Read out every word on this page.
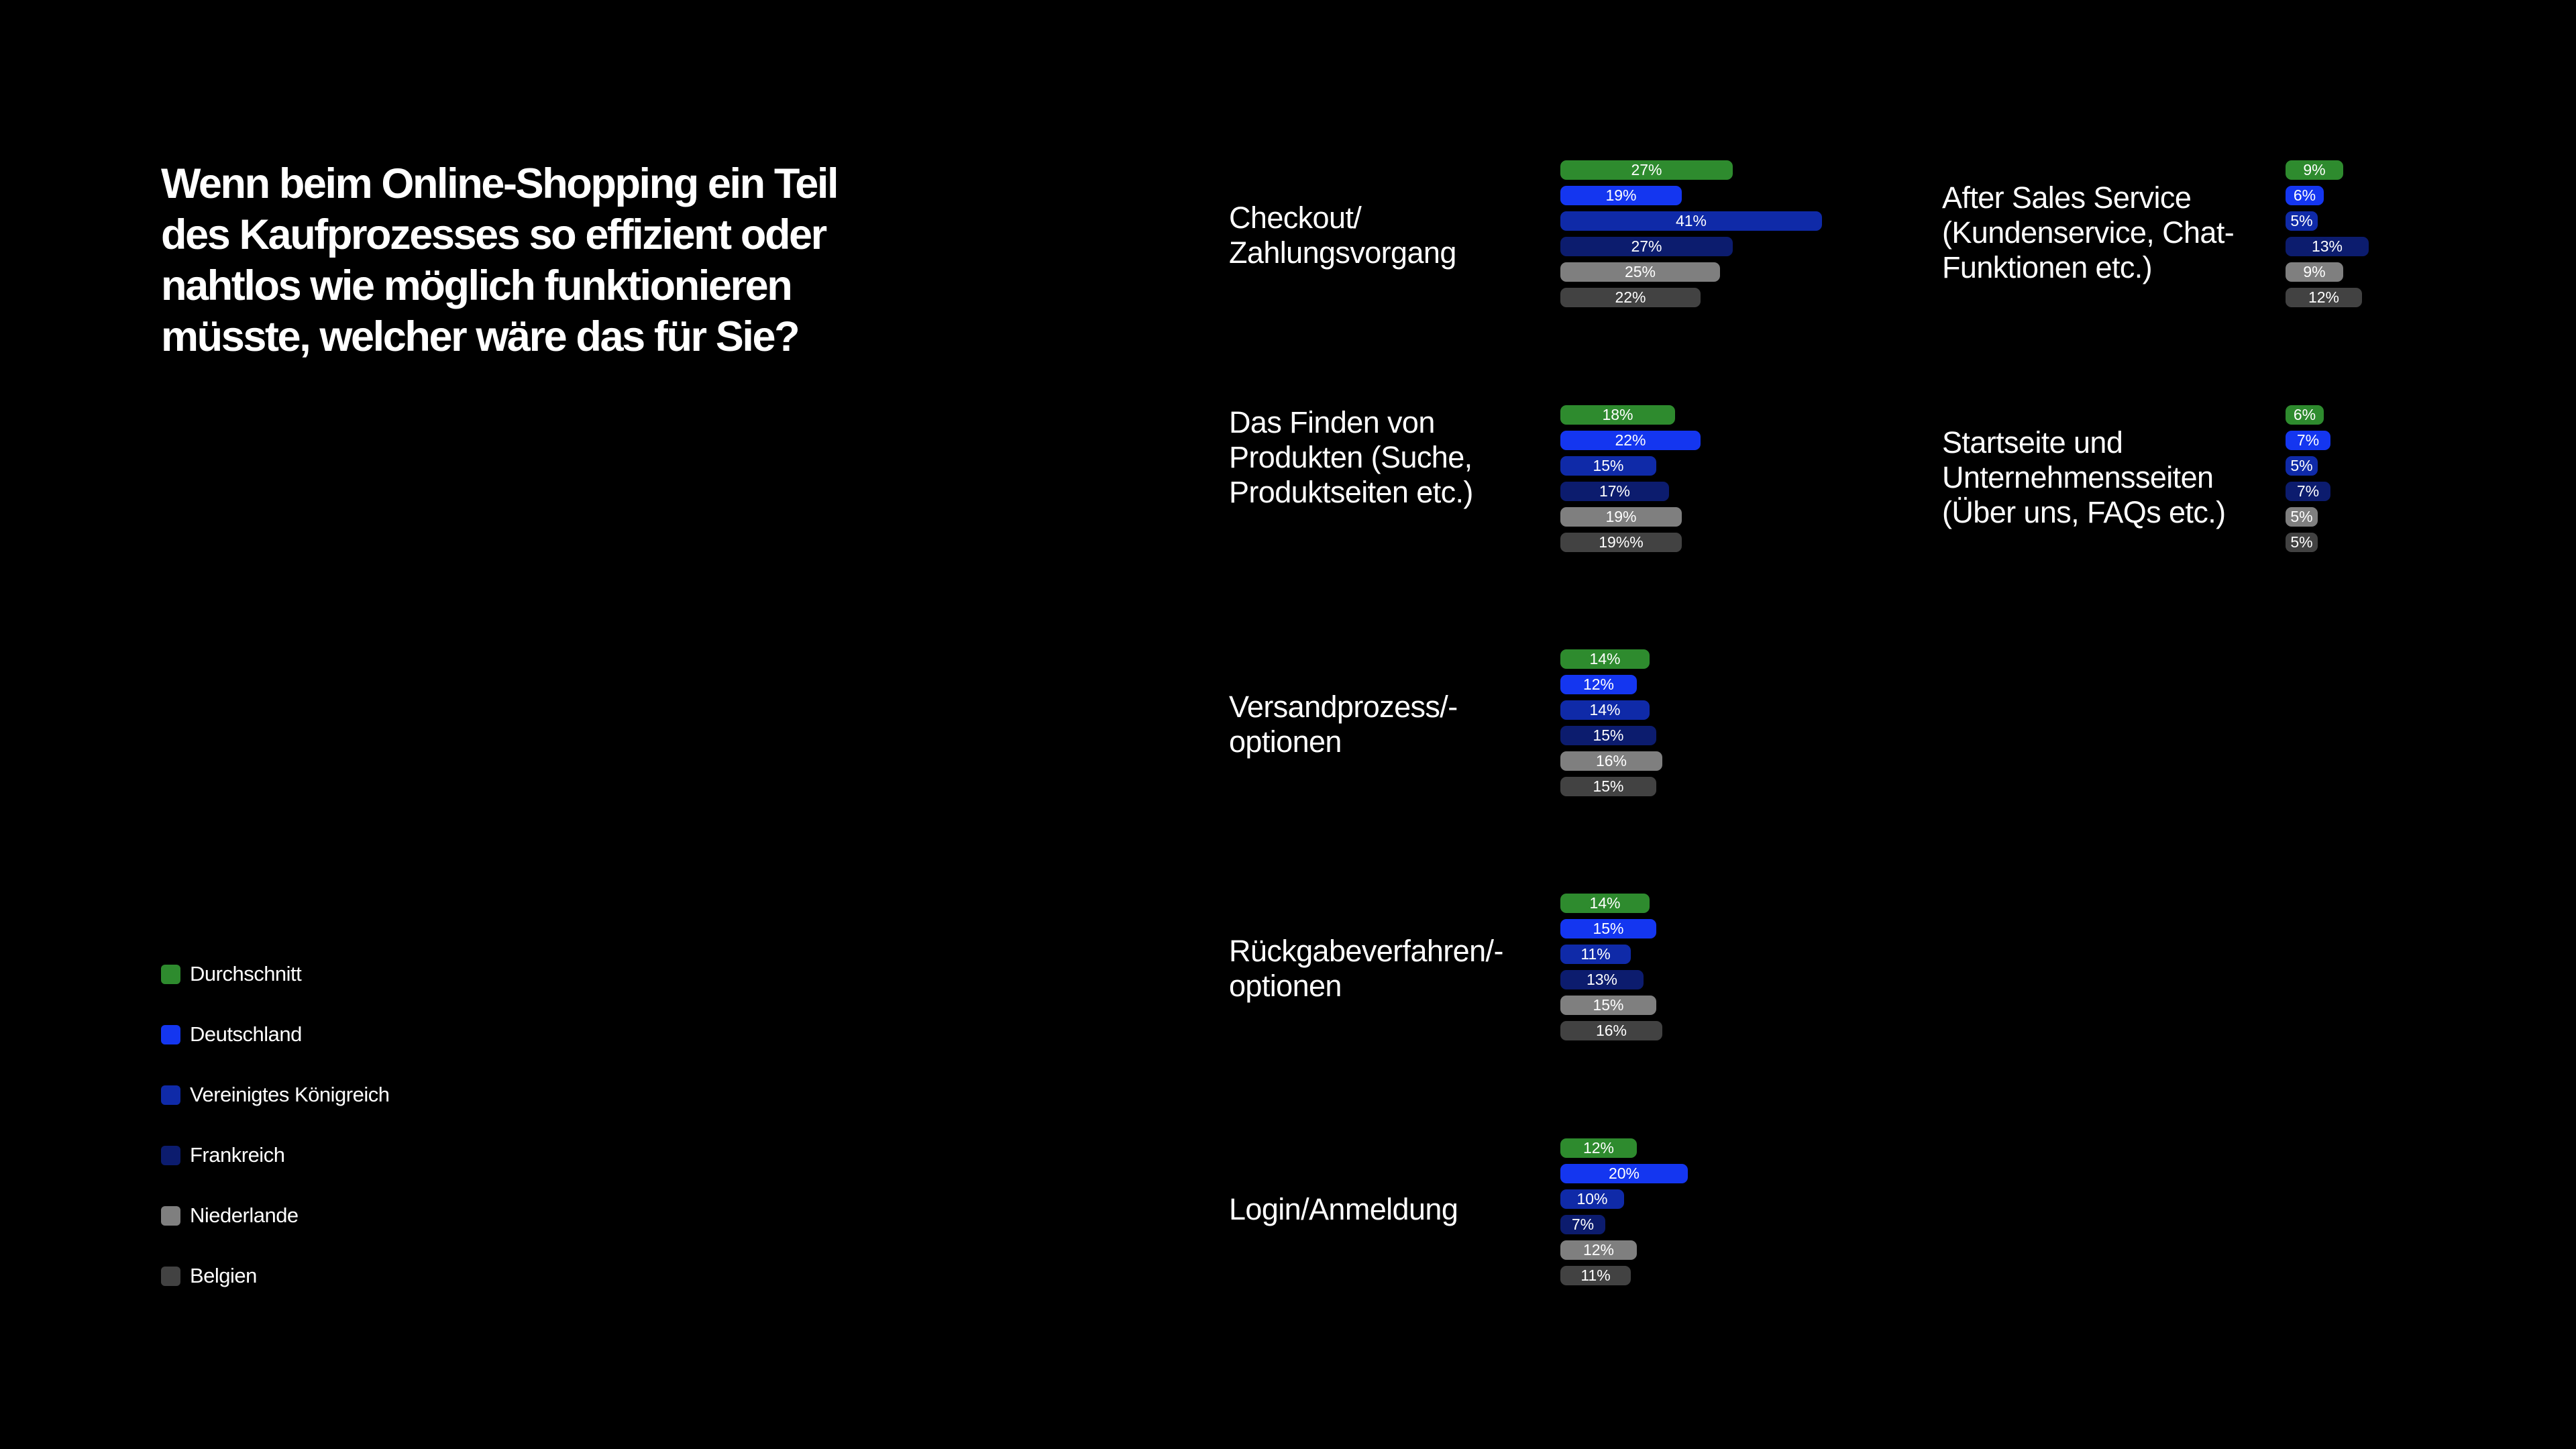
Wenn beim Online-Shopping ein Teil des Kaufprozesses so effizient oder nahtlos wie möglich funktionieren müsste, welcher wäre das für Sie?
Durchschnitt
Deutschland
Vereinigtes Königreich
Frankreich
Niederlande
Belgien
Checkout/ Zahlungsvorgang
27%
19%
41%
27%
25%
22%
Das Finden von Produkten (Suche, Produktseiten etc.)
18%
22%
15%
17%
19%
19%%
Versandprozess/- optionen
14%
12%
14%
15%
16%
15%
Rückgabeverfahren/- optionen
14%
15%
11%
13%
15%
16%
Login/Anmeldung
12%
20%
10%
7%
12%
11%
After Sales Service (Kundenservice, Chat-Funktionen etc.)
9%
6%
5%
13%
9%
12%
Startseite und Unternehmensseiten (Über uns, FAQs etc.)
6%
7%
5%
7%
5%
5%
